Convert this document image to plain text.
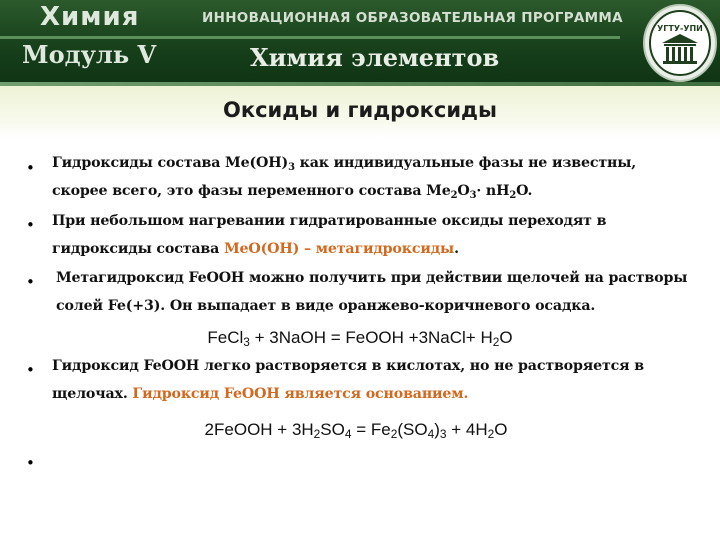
Химия
Модуль V
ИННОВАЦИОННАЯ ОБРАЗОВАТЕЛЬНАЯ ПРОГРАММА
Химия элементов
УГТУ-УПИ
Оксиды и гидроксиды
• Гидроксиды состава $Me(OH)_3$ как индивидуальные фазы не известны, скорее всего, это фазы переменного состава $Me_2O_3\cdot nH_2O$.
• При небольшом нагревании гидратированные оксиды переходят в гидроксиды состава MeO(OH) – метагидроксиды.
• Метагидроксид FeOOH можно получить при действии щелочей на растворы солей Fe(+3). Он выпадает в виде оранжево-коричневого осадка.
FeCl$_3$ + 3NaOH = FeOOH +3NaCl+ $H_2O$
• Гидроксид FeOOH легко растворяется в кислотах, но не растворяется в щелочах. Гидроксид FeOOH является основанием.
2FeOOH + $3H_2SO_4 = Fe_2(SO_4)_3 + 4H_2O$
•
